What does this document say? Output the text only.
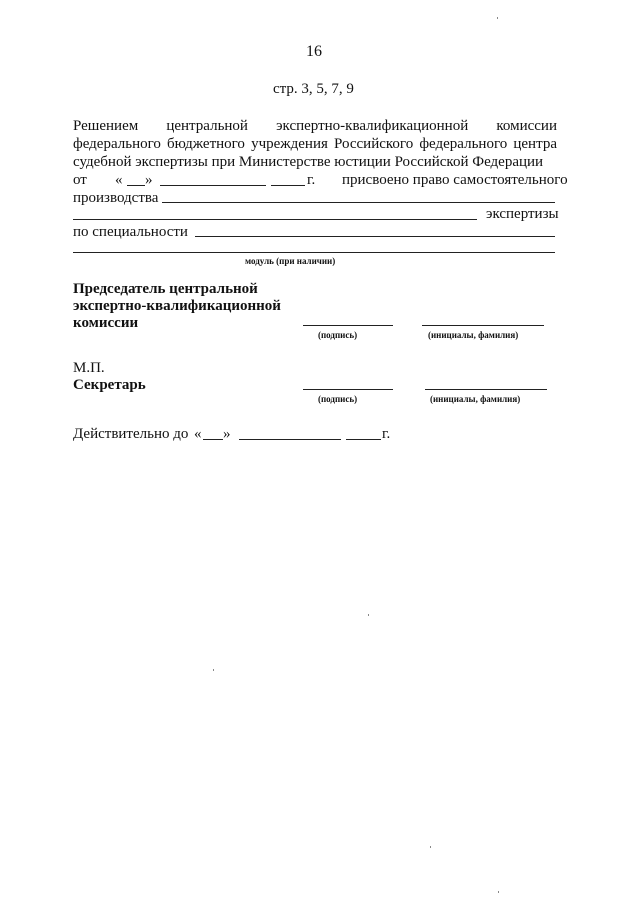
16
стр. 3, 5, 7, 9
Решением центральной экспертно-квалификационной комиссии
федерального бюджетного учреждения Российского федерального центра
судебной экспертизы при Министерстве юстиции Российской Федерации
от « »	г. присвоено право самостоятельного
производства
экспертизы
по специальности
модуль (при наличии)
Председатель центральной
экспертно-квалификационной
комиссии
(подпись)	(инициалы, фамилия)
М.П.
Секретарь
(подпись)	(инициалы, фамилия)
Действительно до « »	г.
